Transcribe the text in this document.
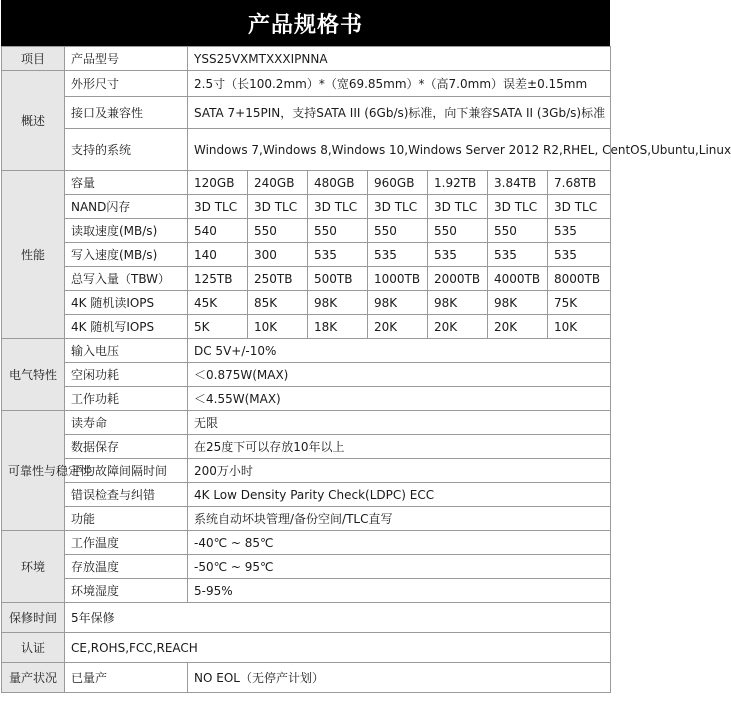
产品规格书
项目	产品型号	YSS25VXMTXXXIPNNA						
概述	外形尺寸	2.5寸（长100.2mm）*（宽69.85mm）*（高7.0mm）误差±0.15mm						
	接口及兼容性	SATA 7+15PIN，支持SATA III (6Gb/s)标准，向下兼容SATA II (3Gb/s)标准						
	支持的系统	Windows 7,Windows 8,Windows 10,Windows Server 2012 R2,RHEL, CentOS,Ubuntu,Linux						
性能	容量	120GB	240GB	480GB	960GB	1.92TB	3.84TB	7.68TB
	NAND闪存	3D TLC	3D TLC	3D TLC	3D TLC	3D TLC	3D TLC	3D TLC
	读取速度(MB/s)	540	550	550	550	550	550	535
	写入速度(MB/s)	140	300	535	535	535	535	535
	总写入量（TBW）	125TB	250TB	500TB	1000TB	2000TB	4000TB	8000TB
	4K 随机读IOPS	45K	85K	98K	98K	98K	98K	75K
	4K 随机写IOPS	5K	10K	18K	20K	20K	20K	10K
电气特性	输入电压	DC 5V+/-10%						
	空闲功耗	＜0.875W(MAX)						
	工作功耗	＜4.55W(MAX)						
可靠性与稳定性	读寿命	无限						
	数据保存	在25度下可以存放10年以上						
	平均故障间隔时间	200万小时						
	错误检查与纠错	4K Low Density Parity Check(LDPC) ECC						
	功能	系统自动坏块管理/备份空间/TLC直写						
环境	工作温度	-40℃ ~ 85℃						
	存放温度	-50℃ ~ 95℃						
	环境湿度	5-95%						
保修时间	5年保修							
认证	CE,ROHS,FCC,REACH							
量产状况	已量产	NO EOL（无停产计划）						
